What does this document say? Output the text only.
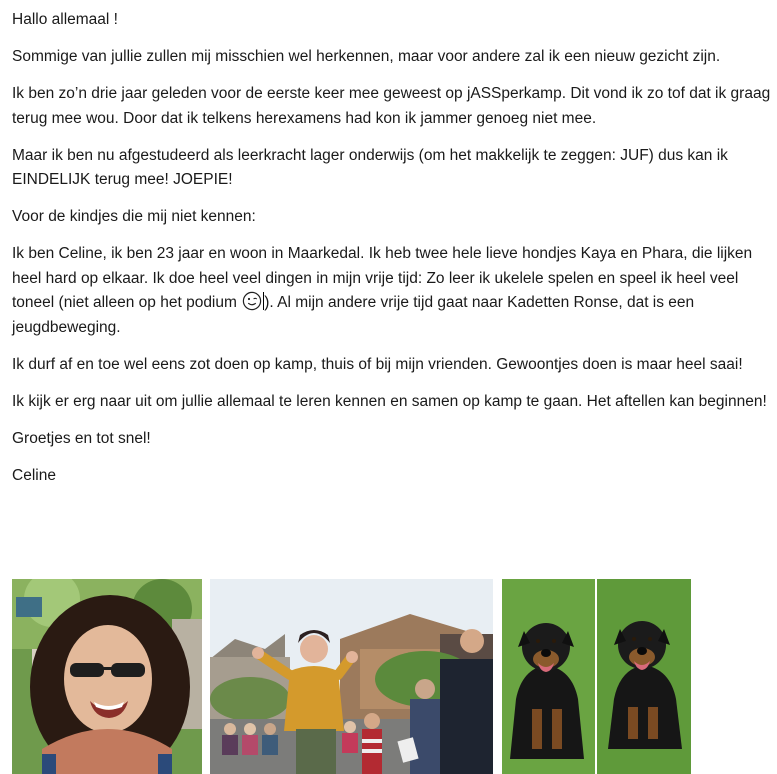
Hallo allemaal !

Sommige van jullie zullen mij misschien wel herkennen, maar voor andere zal ik een nieuw gezicht zijn.

Ik ben zo’n drie jaar geleden voor de eerste keer mee geweest op jASSperkamp. Dit vond ik zo tof dat ik graag terug mee wou. Door dat ik telkens herexamens had kon ik jammer genoeg niet mee.

Maar ik ben nu afgestudeerd als leerkracht lager onderwijs (om het makkelijk te zeggen: JUF) dus kan ik EINDELIJK terug mee! JOEPIE!

Voor de kindjes die mij niet kennen:

Ik ben Celine, ik ben 23 jaar en woon in Maarkedal. Ik heb twee hele lieve hondjes Kaya en Phara, die lijken heel hard op elkaar. Ik doe heel veel dingen in mijn vrije tijd: Zo leer ik ukelele spelen en speel ik heel veel toneel (niet alleen op het podium ). Al mijn andere vrije tijd gaat naar Kadetten Ronse, dat is een jeugdbeweging.

Ik durf af en toe wel eens zot doen op kamp, thuis of bij mijn vrienden. Gewoontjes doen is maar heel saai!

Ik kijk er erg naar uit om jullie allemaal te leren kennen en samen op kamp te gaan. Het aftellen kan beginnen!

Groetjes en tot snel!

Celine
